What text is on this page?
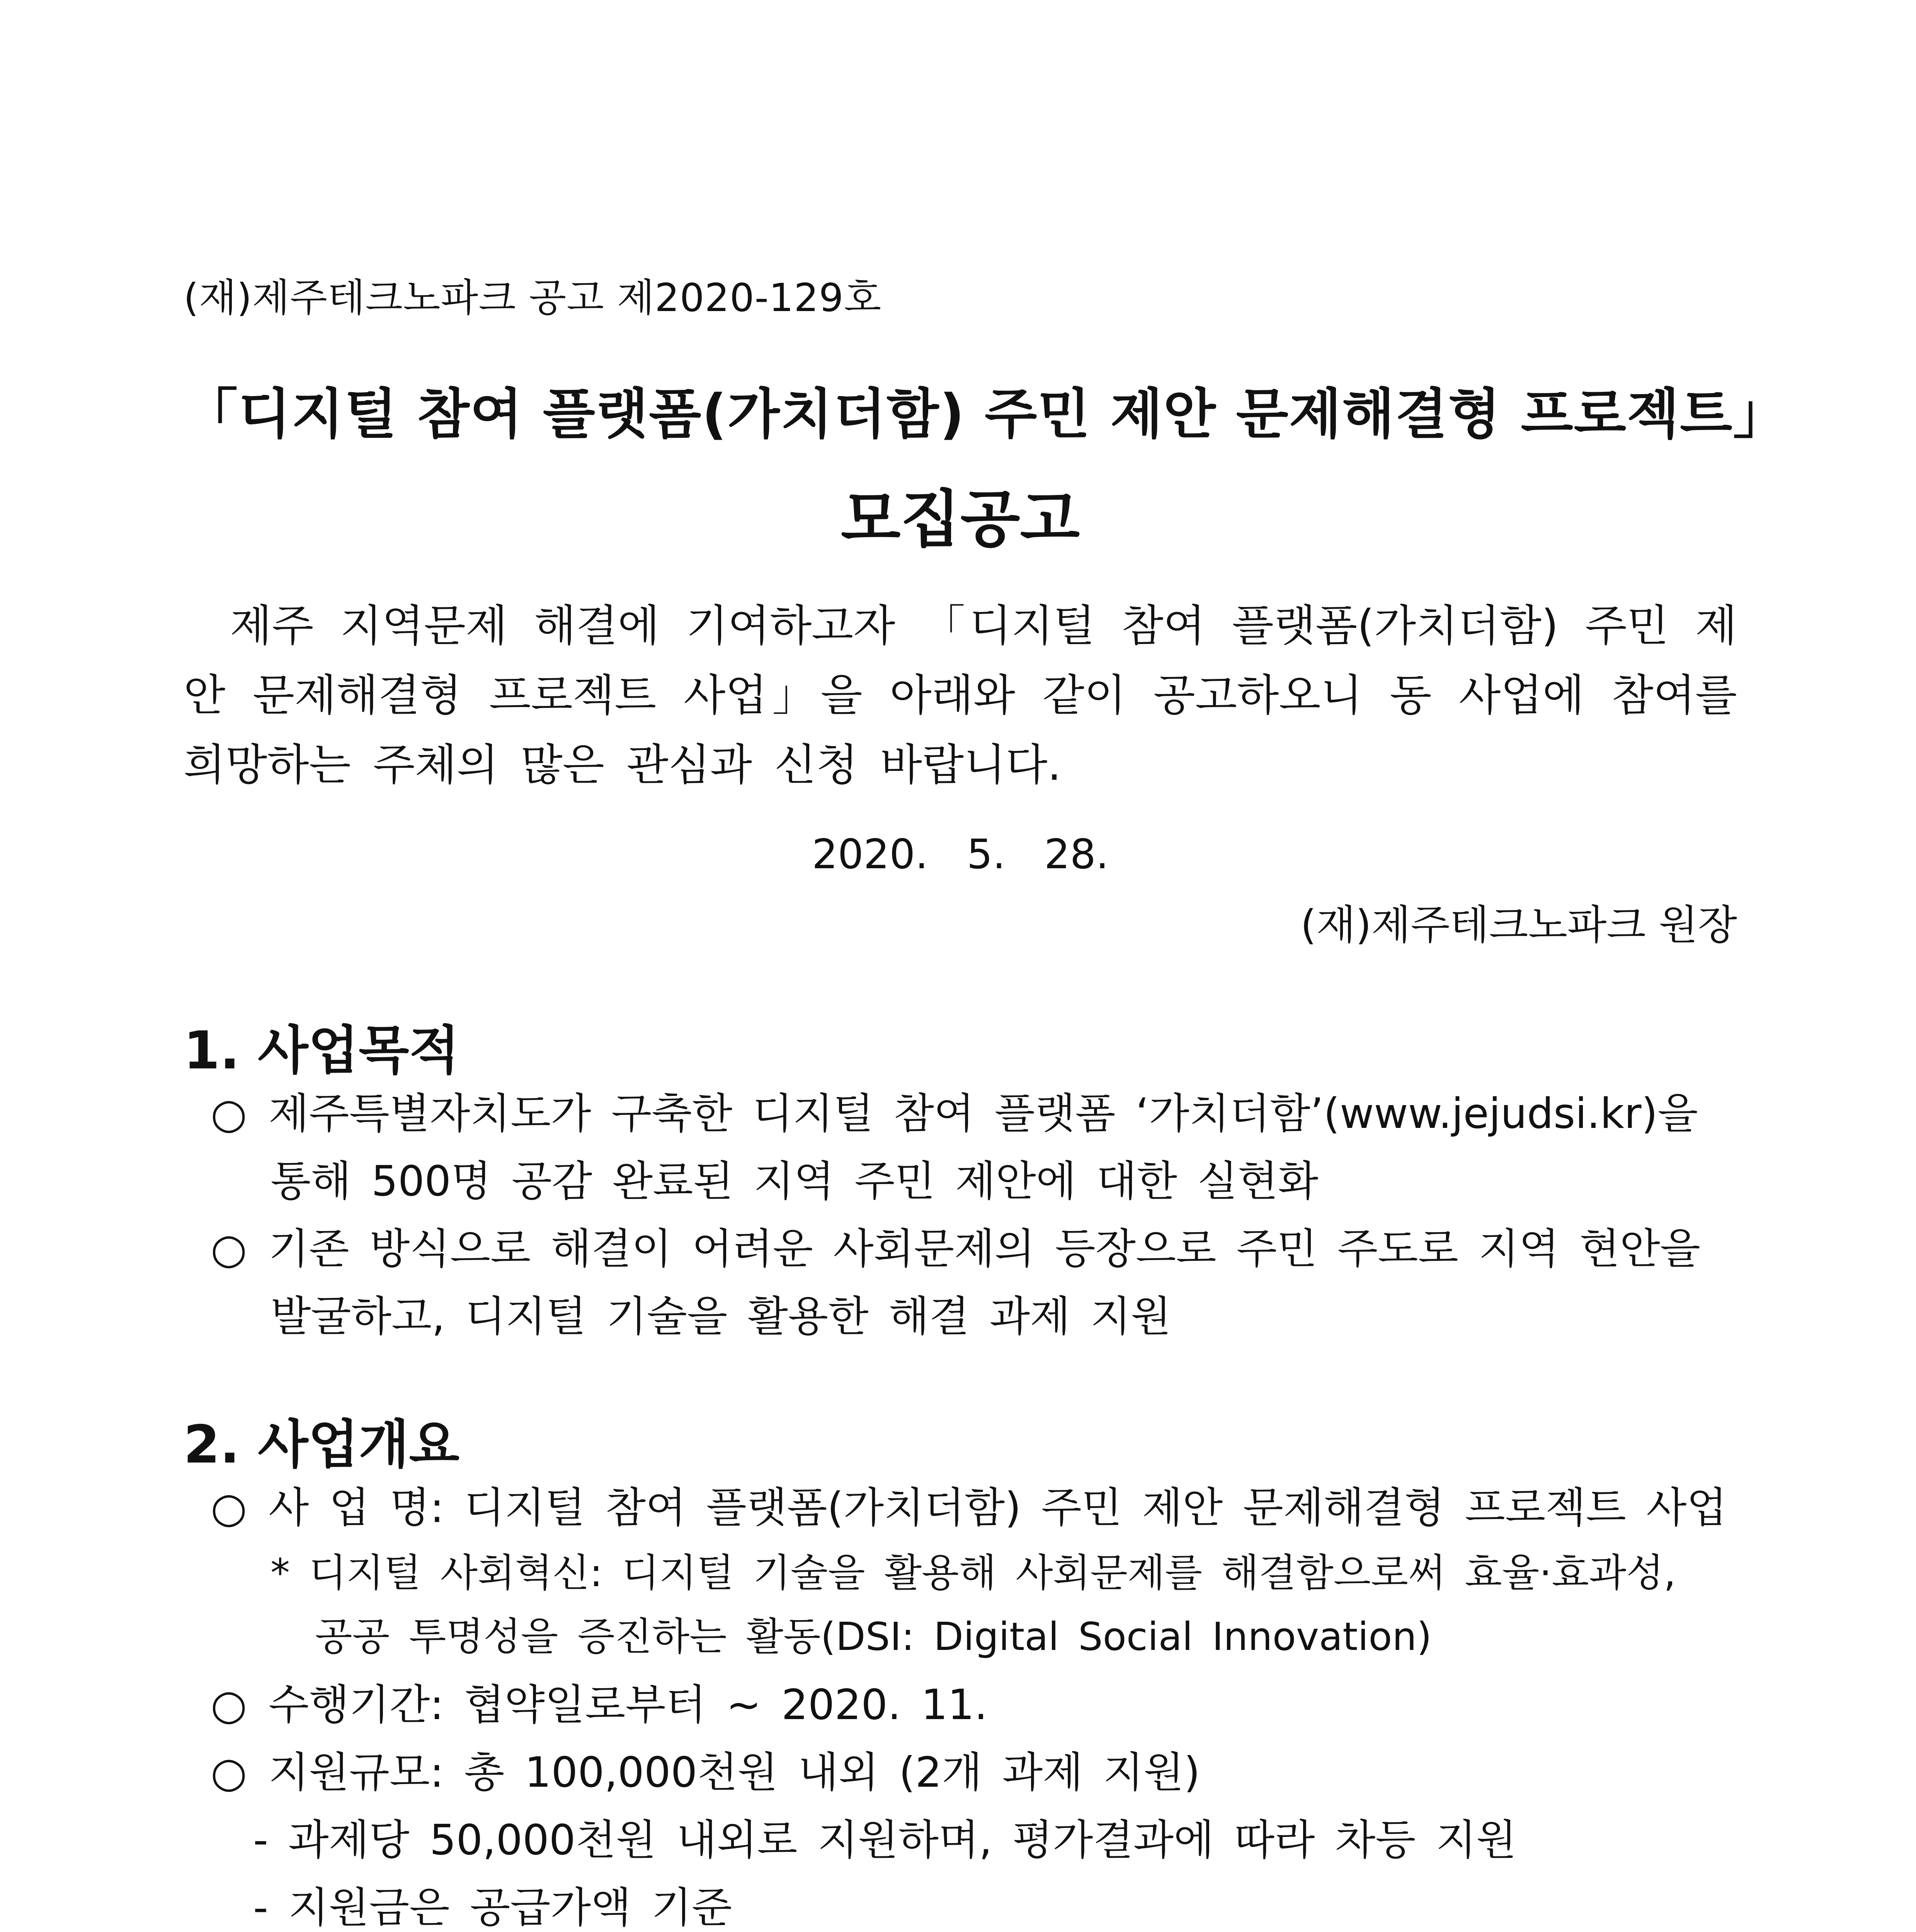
(재)제주테크노파크 공고 제2020-129호
「디지털 참여 플랫폼(가치더함) 주민 제안 문제해결형 프로젝트」
모집공고
제주 지역문제 해결에 기여하고자 「디지털 참여 플랫폼(가치더함) 주민 제안 문제해결형 프로젝트 사업」을 아래와 같이 공고하오니 동 사업에 참여를 희망하는 주체의 많은 관심과 신청 바랍니다.
2020.   5.   28.
(재)제주테크노파크 원장
1. 사업목적
○ 제주특별자치도가 구축한 디지털 참여 플랫폼 ‘가치더함’(www.jejudsi.kr)을
통해 500명 공감 완료된 지역 주민 제안에 대한 실현화
○ 기존 방식으로 해결이 어려운 사회문제의 등장으로 주민 주도로 지역 현안을
발굴하고, 디지털 기술을 활용한 해결 과제 지원
2. 사업개요
○ 사 업 명: 디지털 참여 플랫폼(가치더함) 주민 제안 문제해결형 프로젝트 사업
* 디지털 사회혁신: 디지털 기술을 활용해 사회문제를 해결함으로써 효율·효과성,
공공 투명성을 증진하는 활동(DSI: Digital Social Innovation)
○ 수행기간: 협약일로부터 ~ 2020. 11.
○ 지원규모: 총 100,000천원 내외 (2개 과제 지원)
- 과제당 50,000천원 내외로 지원하며, 평가결과에 따라 차등 지원
- 지원금은 공급가액 기준
